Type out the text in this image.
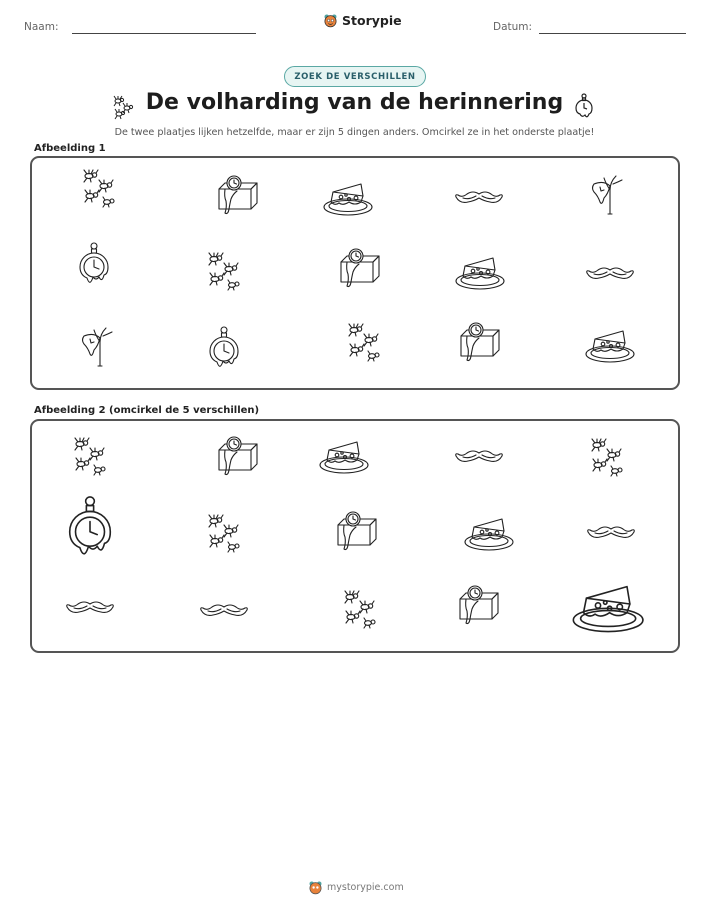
Naam:	Storypie	Datum:
ZOEK DE VERSCHILLEN
De volharding van de herinnering
De twee plaatjes lijken hetzelfde, maar er zijn 5 dingen anders. Omcirkel ze in het onderste plaatje!
Afbeelding 1
Afbeelding 2 (omcirkel de 5 verschillen)
mystorypie.com
